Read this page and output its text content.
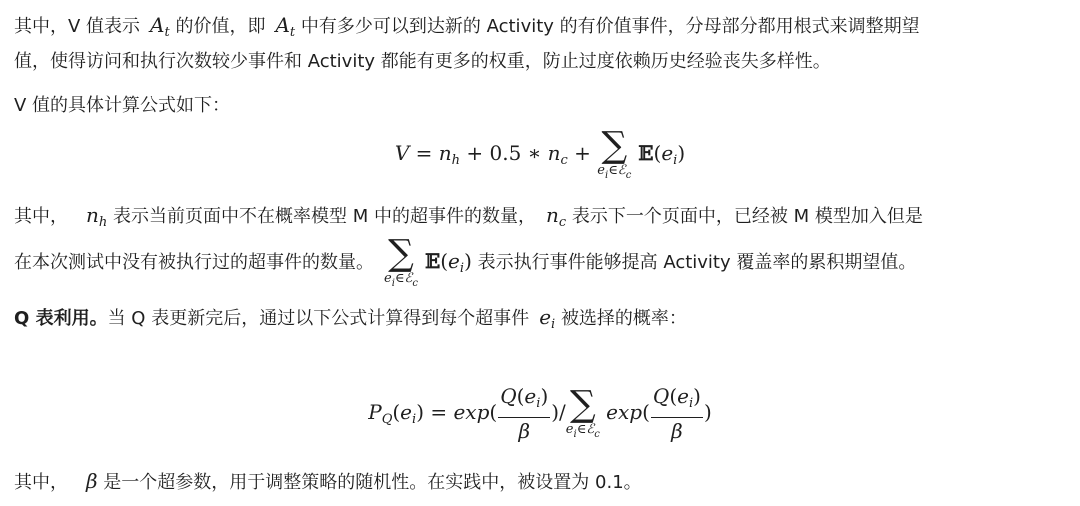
其中，V 值表示 $A_t$ 的价值，即 $A_t$ 中有多少可以到达新的 Activity 的有价值事件，分母部分都用根式来调整期望
值，使得访问和执行次数较少事件和 Activity 都能有更多的权重，防止过度依赖历史经验丧失多样性。
V 值的具体计算公式如下：
$V = n_h + 0.5$ ∗ $n_c$ + ∑
$e_i\in ℰ_c$
$𝔼(e_i)$
其中， $n_h$ 表示当前页面中不在概率模型 M 中的超事件的数量， $n_c$ 表示下一个页面中，已经被 M 模型加入但是
在本次测试中没有被执行过的超事件的数量。 ∑
$e_i\in ℰ_c$
$𝔼(e_i)$ 表示执行事件能够提高 Activity 覆盖率的累积期望值。
Q 表利用。当 Q 表更新完后，通过以下公式计算得到每个超事件 $e_i$ 被选择的概率：
$P_Q(e_i) = \exp( \frac{Q(e_i)}{\beta}$ )/ ∑
$e_i\in ℰ_c$
$\exp( \frac{Q(e_i)}{\beta}$ )
其中， β 是一个超参数，用于调整策略的随机性。在实践中，被设置为 0.1。
